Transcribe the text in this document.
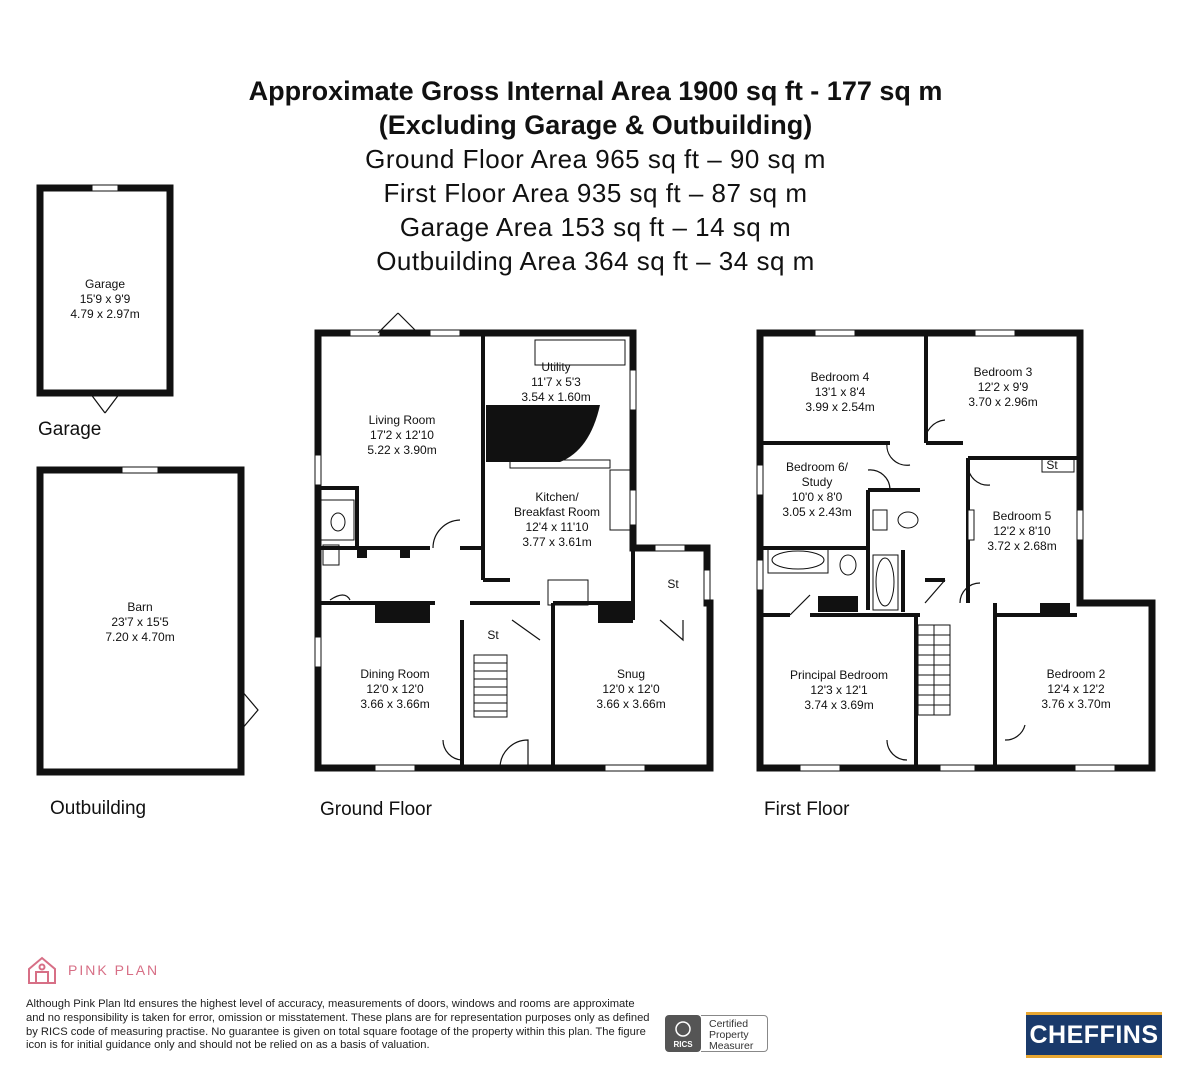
Approximate Gross Internal Area 1900 sq ft - 177 sq m
(Excluding Garage & Outbuilding)
Ground Floor Area 965 sq ft – 90 sq m
First Floor Area 935 sq ft – 87 sq m
Garage Area 153 sq ft – 14 sq m
Outbuilding Area 364 sq ft – 34 sq m
Garage
15'9 x 9'9
4.79 x 2.97m
Barn
23'7 x 15'5
7.20 x 4.70m
Living Room
17'2 x 12'10
5.22 x 3.90m
Utility
11'7 x 5'3
3.54 x 1.60m
Kitchen/
Breakfast Room
12'4 x 11'10
3.77 x 3.61m
St
St
Dining Room
12'0 x 12'0
3.66 x 3.66m
Snug
12'0 x 12'0
3.66 x 3.66m
Bedroom 4
13'1 x 8'4
3.99 x 2.54m
Bedroom 3
12'2 x 9'9
3.70 x 2.96m
Bedroom 6/
Study
10'0 x 8'0
3.05 x 2.43m
St
Bedroom 5
12'2 x 8'10
3.72 x 2.68m
Principal Bedroom
12'3 x 12'1
3.74 x 3.69m
Bedroom 2
12'4 x 12'2
3.76 x 3.70m
Garage
Outbuilding	Ground Floor	First Floor
PINK PLAN
Although Pink Plan ltd ensures the highest level of accuracy, measurements of doors, windows and rooms are approximate and no responsibility is taken for error, omission or misstatement. These plans are for representation purposes only as defined by RICS code of measuring practise. No guarantee is given on total square footage of the property within this plan. The figure icon is for initial guidance only and should not be relied on as a basis of valuation.	RICS
Certified
Property
Measurer	CHEFFINS
